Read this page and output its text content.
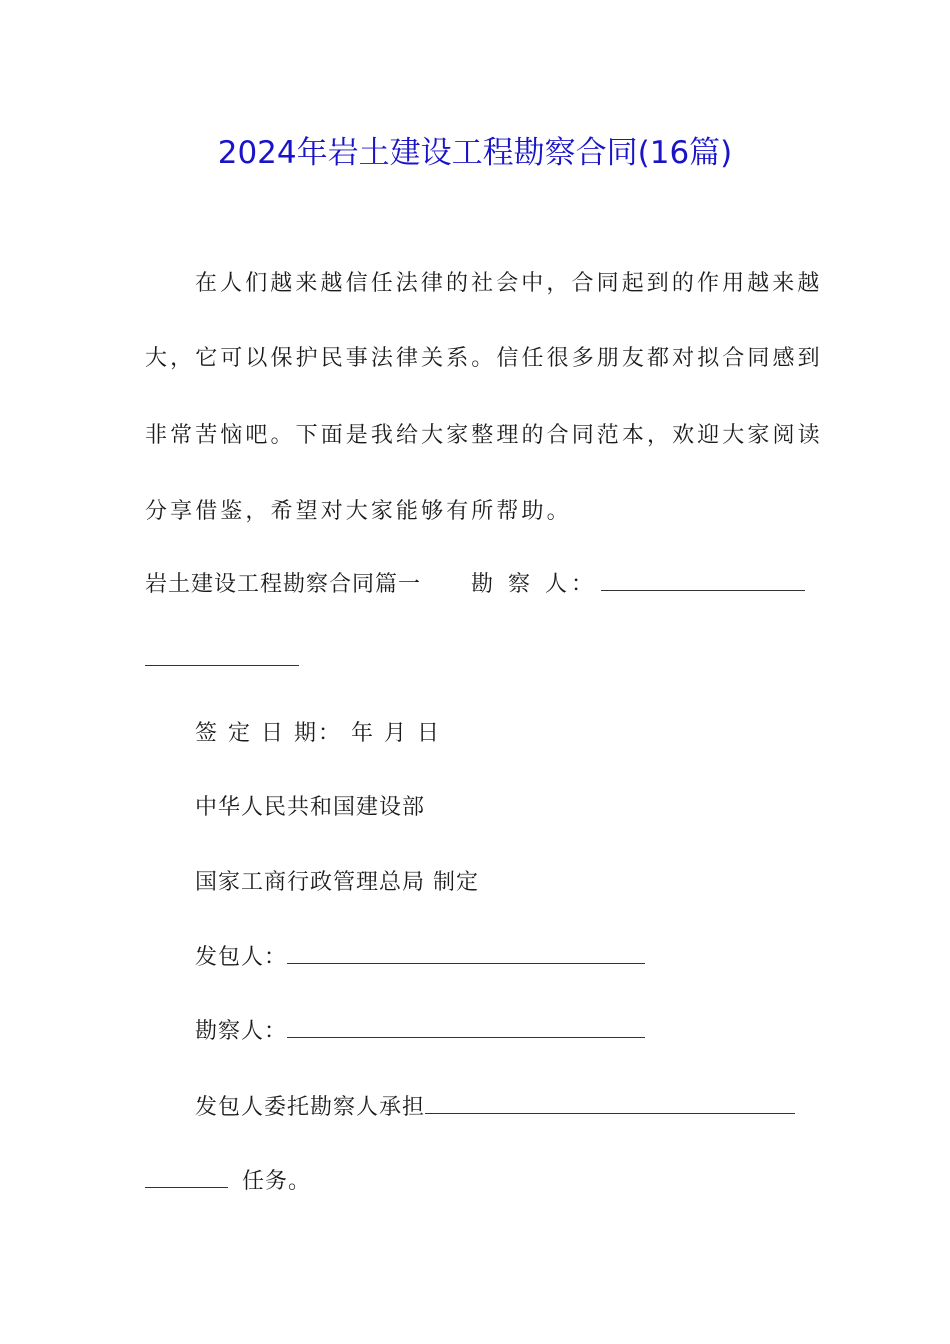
2024年岩土建设工程勘察合同(16篇)
在人们越来越信任法律的社会中，合同起到的作用越来越
大，它可以保护民事法律关系。信任很多朋友都对拟合同感到
非常苦恼吧。下面是我给大家整理的合同范本，欢迎大家阅读
分享借鉴，希望对大家能够有所帮助。
岩土建设工程勘察合同篇一 勘 察 人：
签 定 日 期： 年 月 日
中华人民共和国建设部
国家工商行政管理总局 制定
发包人：
勘察人：
发包人委托勘察人承担
任务。
